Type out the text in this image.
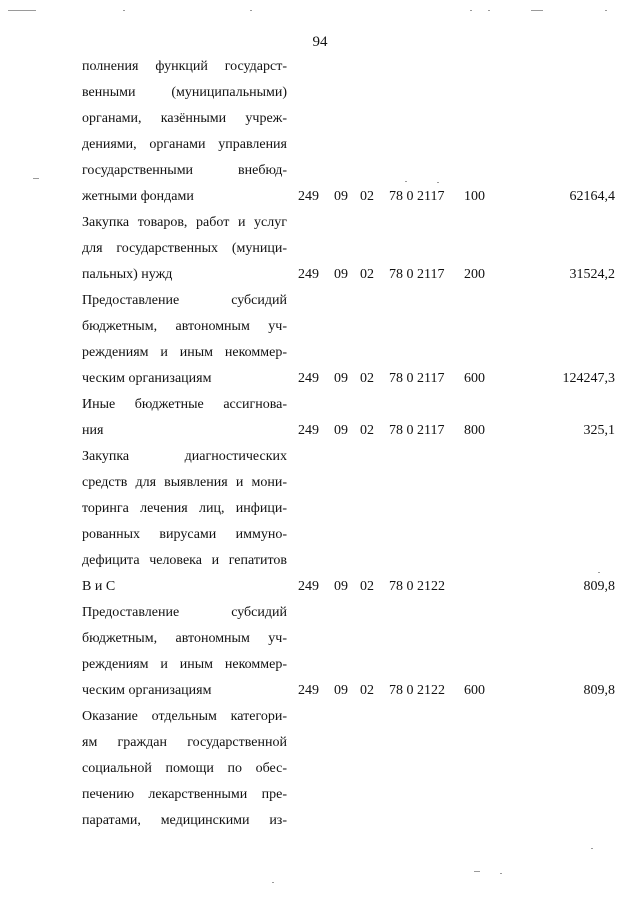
94
полнения функций государст-
венными (муниципальными)
органами, казёнными учреж-
дениями, органами управления
государственными внебюд-
жетными фондами	249 09 02 78 0 2117 100	62164,4
Закупка товаров, работ и услуг
для государственных (муници-
пальных) нужд	249 09 02 78 0 2117 200	31524,2
Предоставление субсидий
бюджетным, автономным уч-
реждениям и иным некоммер-
ческим организациям	249 09 02 78 0 2117 600	124247,3
Иные бюджетные ассигнова-
ния	249 09 02 78 0 2117 800	325,1
Закупка диагностических
средств для выявления и мони-
торинга лечения лиц, инфици-
рованных вирусами иммуно-
дефицита человека и гепатитов
В и С	249 09 02 78 0 2122	809,8
Предоставление субсидий
бюджетным, автономным уч-
реждениям и иным некоммер-
ческим организациям	249 09 02 78 0 2122 600	809,8
Оказание отдельным категори-
ям граждан государственной
социальной помощи по обес-
печению лекарственными пре-
паратами, медицинскими из-
